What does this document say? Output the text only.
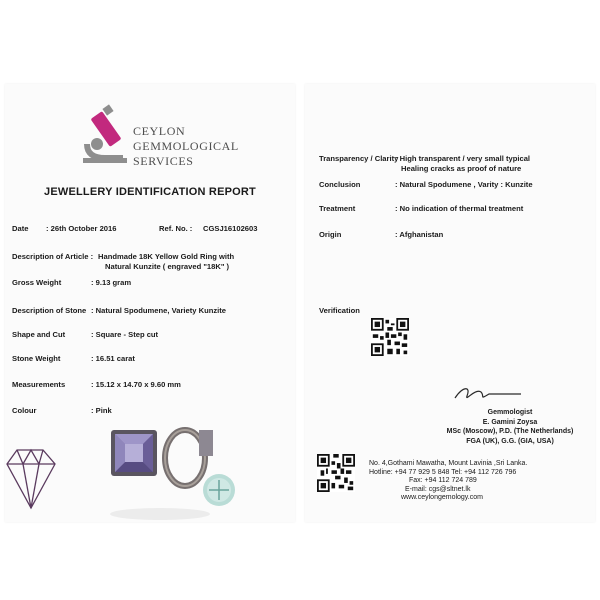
CEYLON
GEMMOLOGICAL
SERVICES
JEWELLERY IDENTIFICATION REPORT
Date : 26th October 2016	Ref. No. : CGSJ16102603
Description of Article : Handmade 18K Yellow Gold Ring with
Natural Kunzite ( engraved "18K" )
Gross Weight	: 9.13 gram
Description of Stone : Natural Spodumene, Variety Kunzite
Shape and Cut	: Square - Step cut
Stone Weight	: 16.51 carat
Measurements	: 15.12 x 14.70 x 9.60 mm
Colour	: Pink
Transparency / Clarity
: High transparent / very small typical
Healing cracks as proof of nature
Conclusion	: Natural Spodumene , Varity : Kunzite
Treatment	: No indication of thermal treatment
Origin	: Afghanistan
Verification
Gemmologist
E. Gamini Zoysa
MSc (Moscow), P.D. (The Netherlands)
FGA (UK), G.G. (GIA, USA)
No. 4,Gothami Mawatha, Mount Lavinia ,Sri Lanka.
Hotline: +94 77 929 5 848 Tel: +94 112 726 796
Fax: +94 112 724 789
E-mail: cgs@sltnet.lk
www.ceylongemology.com
